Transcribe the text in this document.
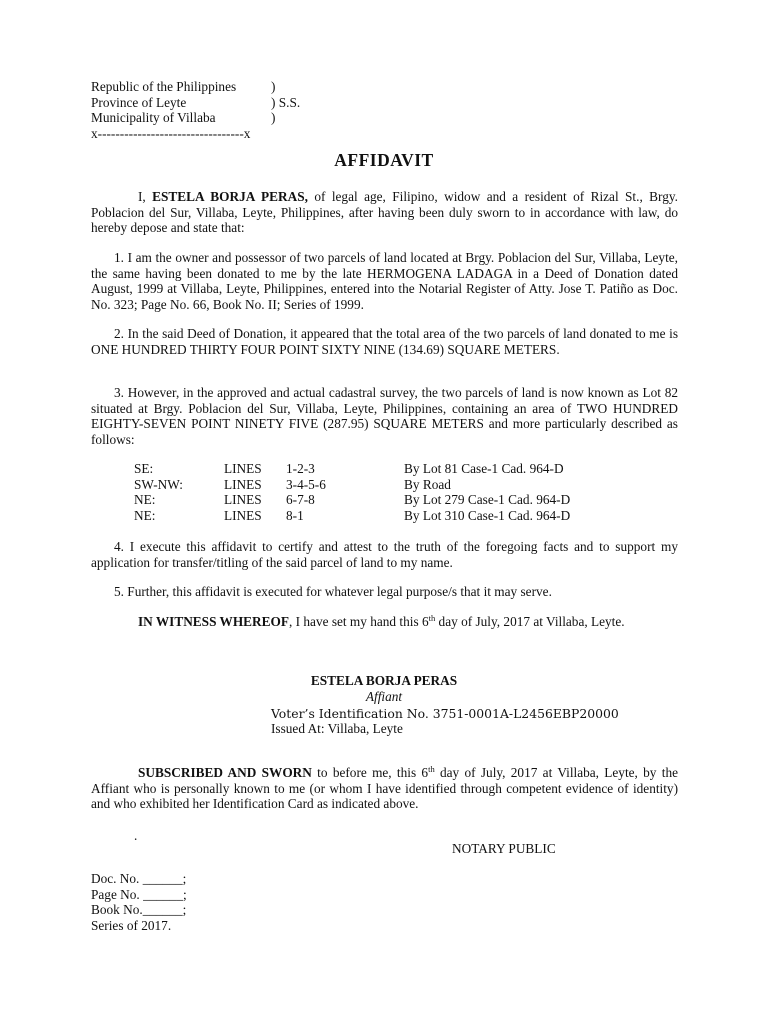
Republic of the Philippines	)
Province of Leyte	) S.S.
Municipality of Villaba	)
x---------------------------------x
AFFIDAVIT
I, ESTELA BORJA PERAS, of legal age, Filipino, widow and a resident of Rizal St., Brgy. Poblacion del Sur, Villaba, Leyte, Philippines, after having been duly sworn to in accordance with law, do hereby depose and state that:
1. I am the owner and possessor of two parcels of land located at Brgy. Poblacion del Sur, Villaba, Leyte, the same having been donated to me by the late HERMOGENA LADAGA in a Deed of Donation dated August, 1999 at Villaba, Leyte, Philippines, entered into the Notarial Register of Atty. Jose T. Patiño as Doc. No. 323; Page No. 66, Book No. II; Series of 1999.
2. In the said Deed of Donation, it appeared that the total area of the two parcels of land donated to me is ONE HUNDRED THIRTY FOUR POINT SIXTY NINE (134.69) SQUARE METERS.
3. However, in the approved and actual cadastral survey, the two parcels of land is now known as Lot 82 situated at Brgy. Poblacion del Sur, Villaba, Leyte, Philippines, containing an area of TWO HUNDRED EIGHTY-SEVEN POINT NINETY FIVE (287.95) SQUARE METERS and more particularly described as follows:
SE:	LINES 1-2-3	By Lot 81 Case-1 Cad. 964-D
SW-NW:	LINES 3-4-5-6	By Road
NE:	LINES 6-7-8	By Lot 279 Case-1 Cad. 964-D
NE:	LINES 8-1	By Lot 310 Case-1 Cad. 964-D
4. I execute this affidavit to certify and attest to the truth of the foregoing facts and to support my application for transfer/titling of the said parcel of land to my name.
5. Further, this affidavit is executed for whatever legal purpose/s that it may serve.
IN WITNESS WHEREOF, I have set my hand this 6th day of July, 2017 at Villaba, Leyte.
ESTELA BORJA PERAS
Affiant
Voter’s Identification No. 3751-0001A-L2456EBP20000
Issued At: Villaba, Leyte
SUBSCRIBED AND SWORN to before me, this 6th day of July, 2017 at Villaba, Leyte, by the Affiant who is personally known to me (or whom I have identified through competent evidence of identity) and who exhibited her Identification Card as indicated above.
.
NOTARY PUBLIC
Doc. No. ______;
Page No. ______;
Book No.______;
Series of 2017.
